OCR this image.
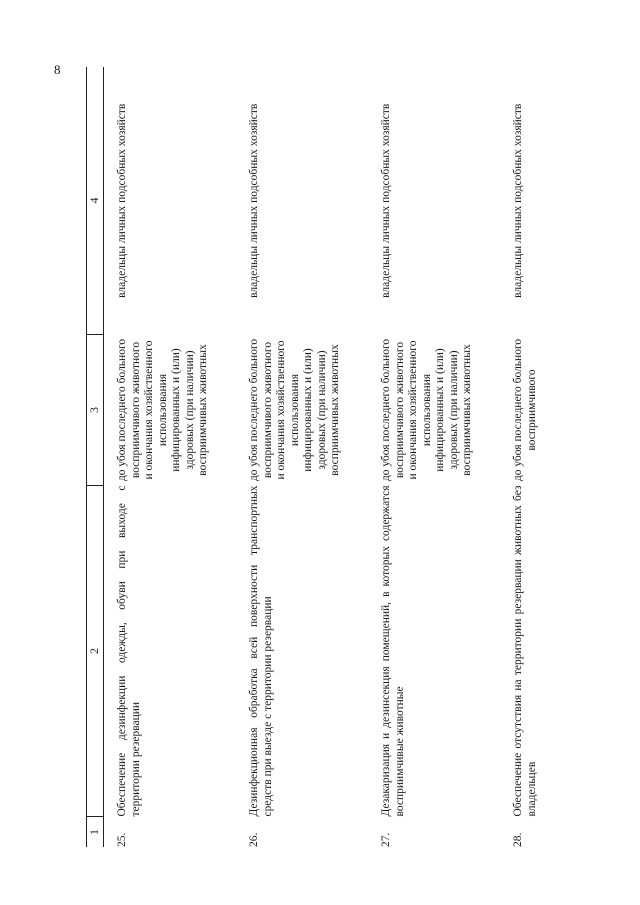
8
1	2	3	4
25.	Обеспечение дезинфекции одежды, обуви при выходе с территории резервации	до убоя последнего больного восприимчивого животного и окончания хозяйственного использования инфицированных и (или) здоровых (при наличии) восприимчивых животных	владельцы личных подсобных хозяйств
26.	Дезинфекционная обработка всей поверхности транспортных средств при выезде с территории резервации	до убоя последнего больного восприимчивого животного и окончания хозяйственного использования инфицированных и (или) здоровых (при наличии) восприимчивых животных	владельцы личных подсобных хозяйств
27.	Дезакаризация и дезинсекция помещений, в которых содержатся восприимчивые животные	до убоя последнего больного восприимчивого животного и окончания хозяйственного использования инфицированных и (или) здоровых (при наличии) восприимчивых животных	владельцы личных подсобных хозяйств
28.	Обеспечение отсутствия на территории резервации животных без владельцев	до убоя последнего больного восприимчивого	владельцы личных подсобных хозяйств
